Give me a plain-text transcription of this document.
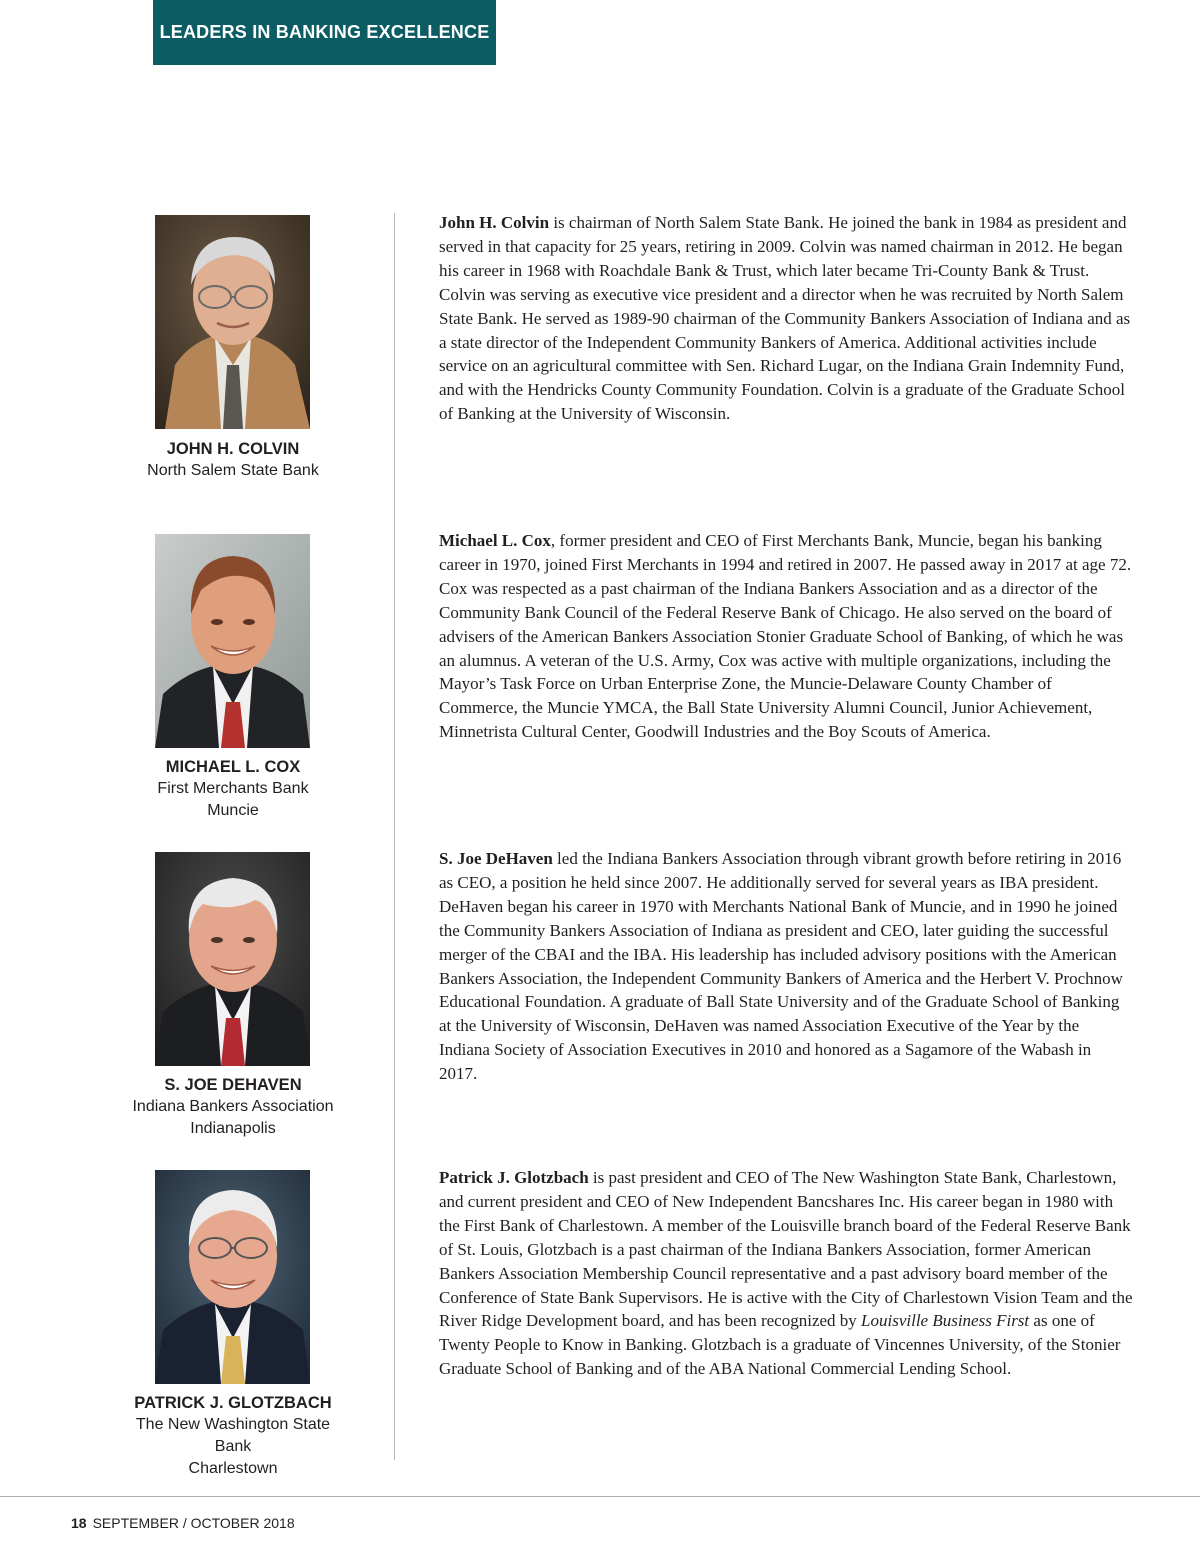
LEADERS IN BANKING EXCELLENCE
JOHN H. COLVIN
North Salem State Bank

John H. Colvin is chairman of North Salem State Bank. He joined the bank in 1984 as president and served in that capacity for 25 years, retiring in 2009. Colvin was named chairman in 2012. He began his career in 1968 with Roachdale Bank & Trust, which later became Tri-County Bank & Trust. Colvin was serving as executive vice president and a director when he was recruited by North Salem State Bank. He served as 1989-90 chairman of the Community Bankers Association of Indiana and as a state director of the Independent Community Bankers of America. Additional activities include service on an agricultural committee with Sen. Richard Lugar, on the Indiana Grain Indemnity Fund, and with the Hendricks County Community Foundation. Colvin is a graduate of the Graduate School of Banking at the University of Wisconsin.

MICHAEL L. COX
First Merchants Bank
Muncie

Michael L. Cox, former president and CEO of First Merchants Bank, Muncie, began his banking career in 1970, joined First Merchants in 1994 and retired in 2007. He passed away in 2017 at age 72. Cox was respected as a past chairman of the Indiana Bankers Association and as a director of the Community Bank Council of the Federal Reserve Bank of Chicago. He also served on the board of advisers of the American Bankers Association Stonier Graduate School of Banking, of which he was an alumnus. A veteran of the U.S. Army, Cox was active with multiple organizations, including the Mayor’s Task Force on Urban Enterprise Zone, the Muncie-Delaware County Chamber of Commerce, the Muncie YMCA, the Ball State University Alumni Council, Junior Achievement, Minnetrista Cultural Center, Goodwill Industries and the Boy Scouts of America.

S. JOE DEHAVEN
Indiana Bankers Association
Indianapolis

S. Joe DeHaven led the Indiana Bankers Association through vibrant growth before retiring in 2016 as CEO, a position he held since 2007. He additionally served for several years as IBA president. DeHaven began his career in 1970 with Merchants National Bank of Muncie, and in 1990 he joined the Community Bankers Association of Indiana as president and CEO, later guiding the successful merger of the CBAI and the IBA. His leadership has included advisory positions with the American Bankers Association, the Independent Community Bankers of America and the Herbert V. Prochnow Educational Foundation. A graduate of Ball State University and of the Graduate School of Banking at the University of Wisconsin, DeHaven was named Association Executive of the Year by the Indiana Society of Association Executives in 2010 and honored as a Sagamore of the Wabash in 2017.

PATRICK J. GLOTZBACH
The New Washington State Bank
Charlestown

Patrick J. Glotzbach is past president and CEO of The New Washington State Bank, Charlestown, and current president and CEO of New Independent Bancshares Inc. His career began in 1980 with the First Bank of Charlestown. A member of the Louisville branch board of the Federal Reserve Bank of St. Louis, Glotzbach is a past chairman of the Indiana Bankers Association, former American Bankers Association Membership Council representative and a past advisory board member of the Conference of State Bank Supervisors. He is active with the City of Charlestown Vision Team and the River Ridge Development board, and has been recognized by Louisville Business First as one of Twenty People to Know in Banking. Glotzbach is a graduate of Vincennes University, of the Stonier Graduate School of Banking and of the ABA National Commercial Lending School.

18 SEPTEMBER / OCTOBER 2018
